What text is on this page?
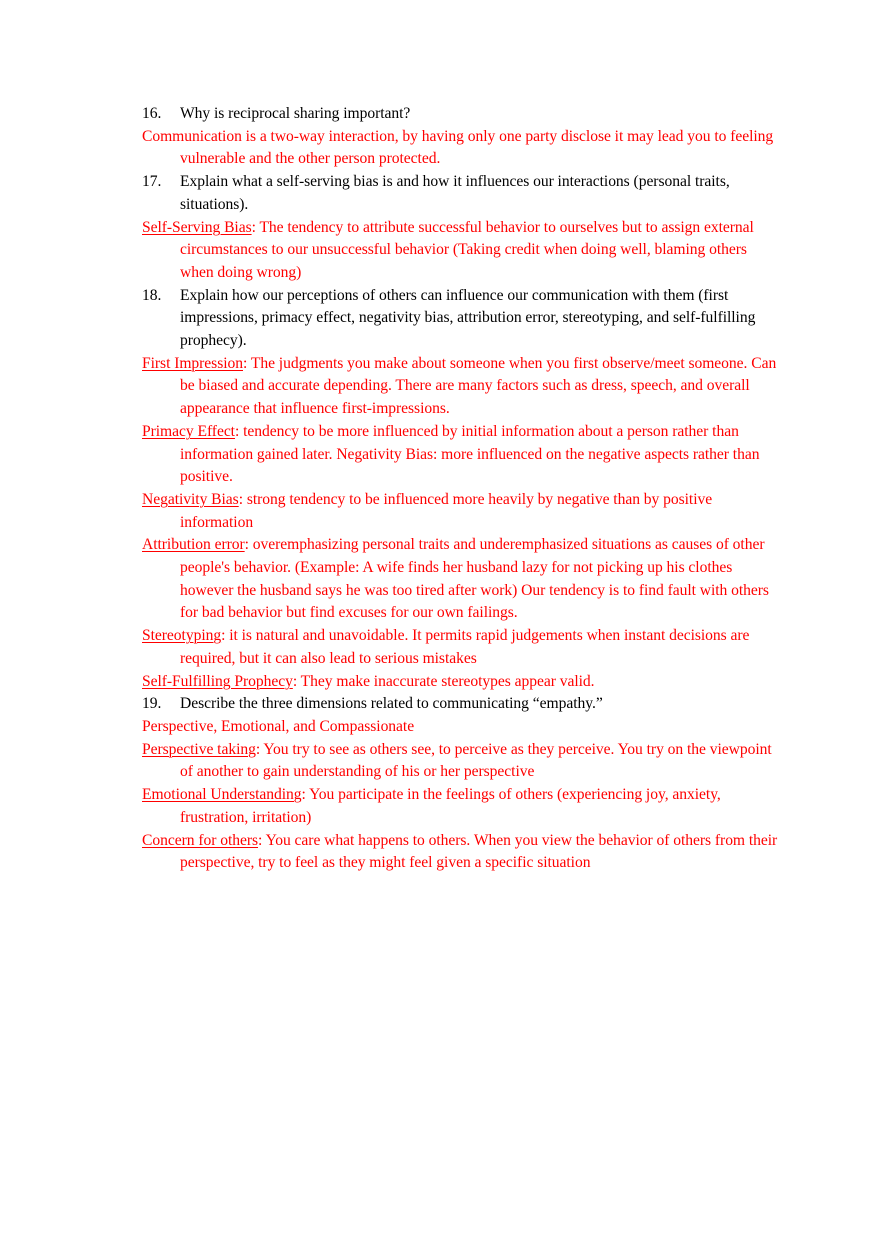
16.	Why is reciprocal sharing important?
Communication is a two-way interaction, by having only one party disclose it may lead you to feeling vulnerable and the other person protected.
17.	Explain what a self-serving bias is and how it influences our interactions (personal traits, situations).
Self-Serving Bias: The tendency to attribute successful behavior to ourselves but to assign external circumstances to our unsuccessful behavior (Taking credit when doing well, blaming others when doing wrong)
18.	Explain how our perceptions of others can influence our communication with them (first impressions, primacy effect, negativity bias, attribution error, stereotyping, and self-fulfilling prophecy).
First Impression: The judgments you make about someone when you first observe/meet someone. Can be biased and accurate depending. There are many factors such as dress, speech, and overall appearance that influence first-impressions.
Primacy Effect: tendency to be more influenced by initial information about a person rather than information gained later. Negativity Bias: more influenced on the negative aspects rather than positive.
Negativity Bias: strong tendency to be influenced more heavily by negative than by positive information
Attribution error: overemphasizing personal traits and underemphasized situations as causes of other people's behavior. (Example: A wife finds her husband lazy for not picking up his clothes however the husband says he was too tired after work) Our tendency is to find fault with others for bad behavior but find excuses for our own failings.
Stereotyping: it is natural and unavoidable. It permits rapid judgements when instant decisions are required, but it can also lead to serious mistakes
Self-Fulfilling Prophecy: They make inaccurate stereotypes appear valid.
19.	Describe the three dimensions related to communicating “empathy.”
Perspective, Emotional, and Compassionate
Perspective taking: You try to see as others see, to perceive as they perceive. You try on the viewpoint of another to gain understanding of his or her perspective
Emotional Understanding: You participate in the feelings of others (experiencing joy, anxiety, frustration, irritation)
Concern for others: You care what happens to others. When you view the behavior of others from their perspective, try to feel as they might feel given a specific situation
